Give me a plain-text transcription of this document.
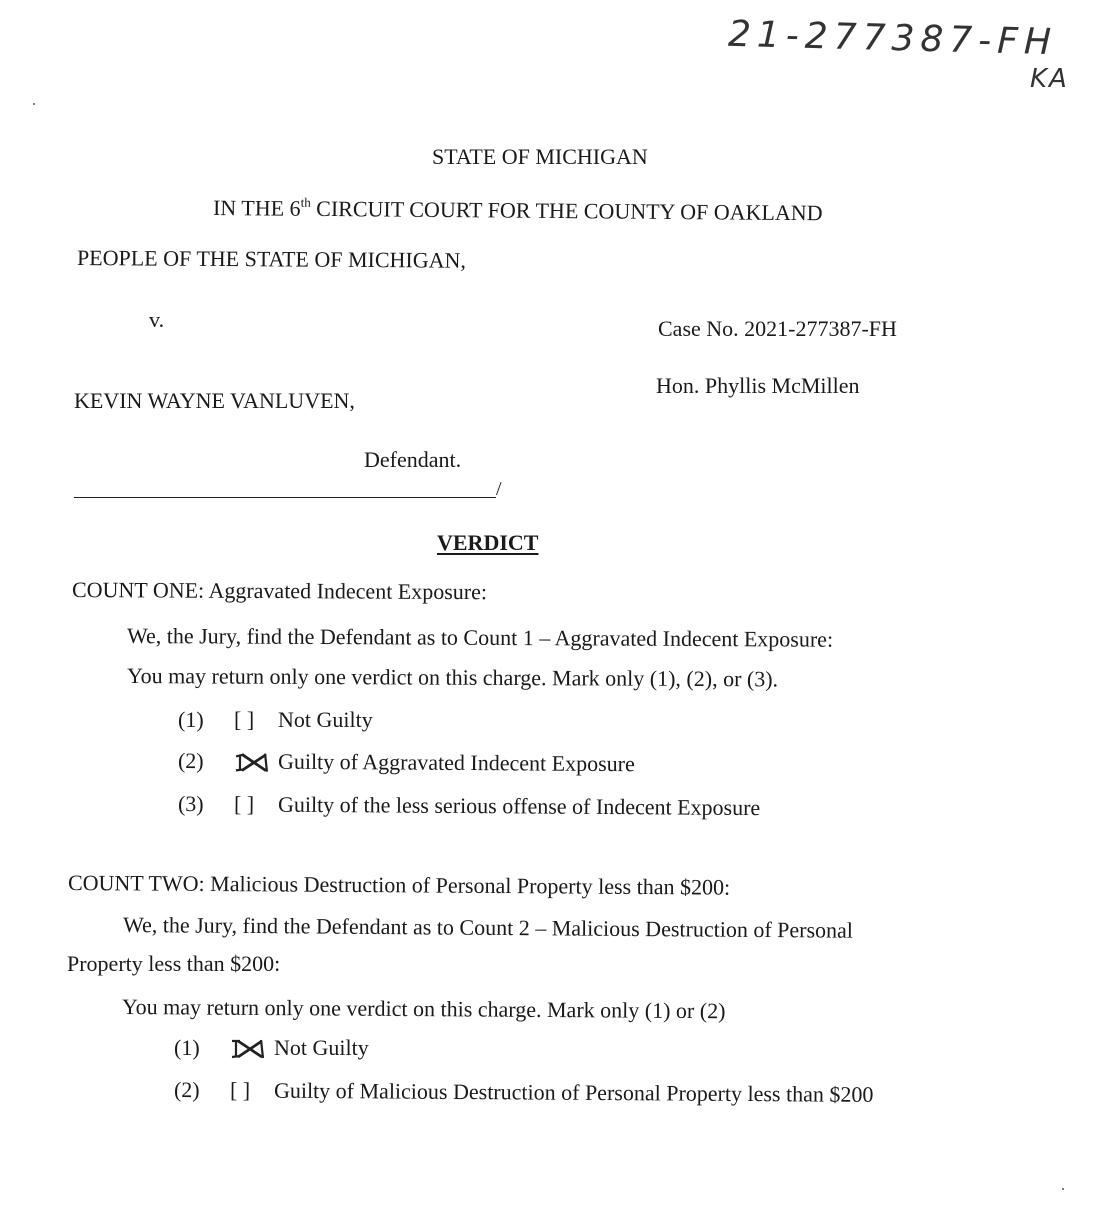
21-277387-FH
KA
STATE OF MICHIGAN
IN THE 6th CIRCUIT COURT FOR THE COUNTY OF OAKLAND
PEOPLE OF THE STATE OF MICHIGAN,
v.	Case No. 2021-277387-FH
Hon. Phyllis McMillen
KEVIN WAYNE VANLUVEN,
Defendant.
/
VERDICT
COUNT ONE: Aggravated Indecent Exposure:
We, the Jury, find the Defendant as to Count 1 – Aggravated Indecent Exposure:
You may return only one verdict on this charge. Mark only (1), (2), or (3).
(1) [ ] Not Guilty
(2)	Guilty of Aggravated Indecent Exposure
(3) [ ] Guilty of the less serious offense of Indecent Exposure
COUNT TWO: Malicious Destruction of Personal Property less than $200:
We, the Jury, find the Defendant as to Count 2 – Malicious Destruction of Personal
Property less than $200:
You may return only one verdict on this charge. Mark only (1) or (2)
(1)	Not Guilty
(2) [ ] Guilty of Malicious Destruction of Personal Property less than $200
